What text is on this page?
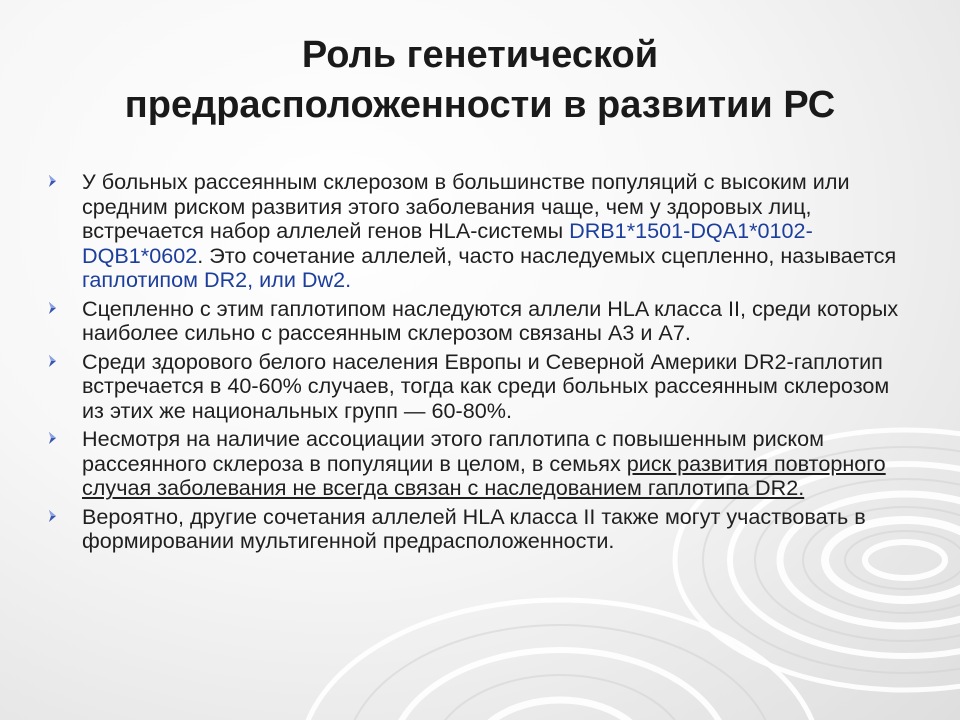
Роль генетической
предрасположенности в развитии РС
У больных рассеянным склерозом в большинстве популяций с высоким или средним риском развития этого заболевания чаще, чем у здоровых лиц, встречается набор аллелей генов HLA-системы DRB1*1501-DQA1*0102-DQB1*0602. Это сочетание аллелей, часто наследуемых сцепленно, называется гаплотипом DR2, или Dw2.
Сцепленно с этим гаплотипом наследуются аллели HLA класса II, среди которых наиболее сильно с рассеянным склерозом связаны A3 и A7.
Среди здорового белого населения Европы и Северной Америки DR2-гаплотип встречается в 40-60% случаев, тогда как среди больных рассеянным склерозом из этих же национальных групп — 60-80%.
Несмотря на наличие ассоциации этого гаплотипа с повышенным риском рассеянного склероза в популяции в целом, в семьях риск развития повторного случая заболевания не всегда связан с наследованием гаплотипа DR2.
Вероятно, другие сочетания аллелей HLA класса II также могут участвовать в формировании мультигенной предрасположенности.
